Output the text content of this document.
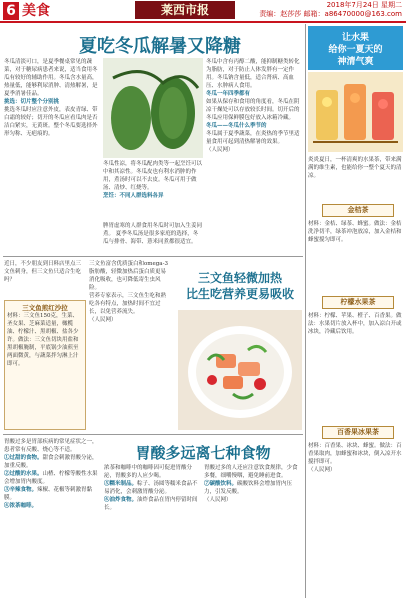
6 美食	莱西市报	2018年7月24日 星期二
责编：赵莎莎 邮箱：a86470000@163.com
夏吃冬瓜解暑又降糖
冬瓜清淡可口，是夏季餐桌常见的蔬菜，对于糖尿病患者来说，适当食用冬瓜有较好的辅助作用。冬瓜含水量高，热量低，能够利尿消肿、清热解暑，是夏季消暑佳品。
挑选：切片整个分别挑
挑选冬瓜时应注意外皮，表皮青绿、带白霜的较好；切开的冬瓜应看瓜肉是否洁白紧实，无黄斑。整个冬瓜要选择外形匀称、无疤痕的。
冬瓜性凉，将冬瓜配肉类等一起烹饪可以中和其凉性。冬瓜皮也有利水消肿的作用，煮汤时可以不去皮。冬瓜可用于做汤、清炒、红烧等。
烹饪：不同人群选料各异
脾胃虚寒的人群食用冬瓜时可加入生姜同煮。 夏季冬瓜汤是很多家庭的选择，冬瓜与排骨、海带、薏米同煮都很适宜。
冬瓜中含有丙醇二酸，能抑制糖类转化为脂肪，对于防止人体发胖有一定作用。冬瓜钠含量低，适合肾病、高血压、水肿病人食用。
冬瓜一年四季都有
如果从保存和食用的角度看，冬瓜在阴凉干燥处可以存放较长时间。切开后的冬瓜应用保鲜膜包好放入冰箱冷藏。
冬瓜——冬瓜什么季节的
冬瓜属于夏季蔬菜，在炎热的季节里适量食用可起到清热解暑的效果。
（人民网）
近日，不少朋友到日料店里点三文鱼刺身，但三文鱼只适合生吃吗？
三文鱼煎红沙拉
材料：三文鱼150克，生菜、圣女果、芝麻菜适量，橄榄油、柠檬汁、黑胡椒、盐各少许。做法：三文鱼切块用盐和黑胡椒腌制，平底锅少油煎至两面微黄，与蔬菜拌匀淋上汁即可。
三文鱼富含优质蛋白和omega-3脂肪酸，轻微加热后蛋白质更易消化吸收，也可降低寄生虫风险。
营养专家表示，三文鱼生吃和熟吃各有特点，加热时间不宜过长，以免营养流失。
（人民网）
三文鱼轻微加热
比生吃营养更易吸收
胃酸过多是胃部疾病的常见症状之一，患者常有反酸、烧心等不适。
①过甜的食物。甜食会刺激胃酸分泌，加重反酸。
②过酸的水果。山楂、柠檬等酸性水果会增加胃内酸度。
③辛辣食物。辣椒、花椒等刺激胃黏膜。
④浓茶咖啡。
胃酸多远离七种食物
浓茶和咖啡中的咖啡因可促进胃酸分泌，胃酸多的人应少喝。
⑤糯米制品。粽子、汤圆等糯米食品不易消化，会刺激胃酸分泌。
⑥油炸食物。油炸食品在胃内停留时间长。
胃酸过多的人还应注意饮食规律，少食多餐，细嚼慢咽，避免睡前进食。
⑦碳酸饮料。碳酸饮料会增加胃内压力，引发反酸。
（人民网）
让水果
给你一夏天的
神清气爽
炎炎夏日，一杯清爽的水果茶，带来满满的维生素，也能给你一整个夏天的清凉。
金桔茶
材料：金桔、绿茶、蜂蜜。做法：金桔洗净切半，绿茶冲泡放凉，加入金桔和蜂蜜搅匀即可。
柠檬水果茶
材料：柠檬、苹果、橙子、百香果。做法：水果切片放入杯中，加入凉白开或冰块，冷藏后饮用。
百香果冰果茶
材料：百香果、冰块、蜂蜜。做法：百香果取肉，加蜂蜜和冰块，倒入凉开水搅拌即可。
（人民网）
